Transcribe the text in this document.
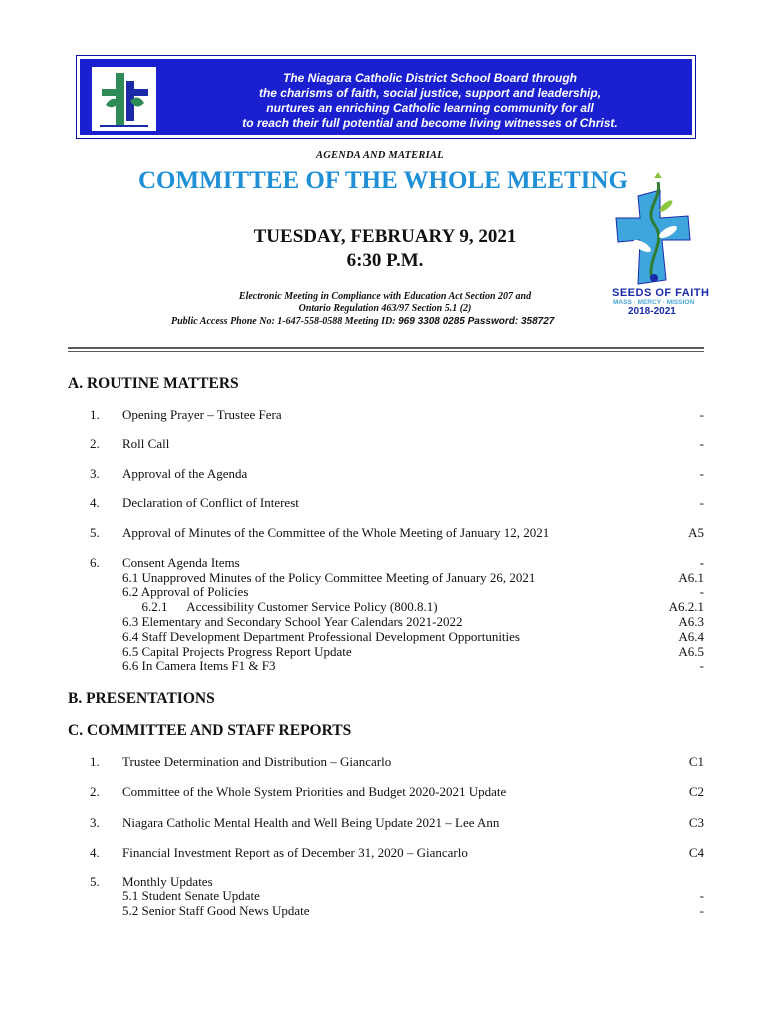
The Niagara Catholic District School Board through
the charisms of faith, social justice, support and leadership,
nurtures an enriching Catholic learning community for all
to reach their full potential and become living witnesses of Christ.
AGENDA AND MATERIAL
COMMITTEE OF THE WHOLE MEETING
TUESDAY, FEBRUARY 9, 2021
6:30 P.M.
SEEDS OF FAITH
MASS · MERCY · MISSION
2018-2021
Electronic Meeting in Compliance with Education Act Section 207 and
Ontario Regulation 463/97 Section 5.1 (2)
Public Access Phone No: 1-647-558-0588 Meeting ID: 969 3308 0285 Password: 358727
A. ROUTINE MATTERS
1. Opening Prayer – Trustee Fera	-
2. Roll Call	-
3. Approval of the Agenda	-
4. Declaration of Conflict of Interest	-
5. Approval of Minutes of the Committee of the Whole Meeting of January 12, 2021	A5
6. Consent Agenda Items	-
6.1 Unapproved Minutes of the Policy Committee Meeting of January 26, 2021	A6.1
6.2 Approval of Policies	-
6.2.1      Accessibility Customer Service Policy (800.8.1)	A6.2.1
6.3 Elementary and Secondary School Year Calendars 2021-2022	A6.3
6.4 Staff Development Department Professional Development Opportunities	A6.4
6.5 Capital Projects Progress Report Update	A6.5
6.6 In Camera Items F1 & F3	-
B. PRESENTATIONS
C. COMMITTEE AND STAFF REPORTS
1. Trustee Determination and Distribution – Giancarlo	C1
2. Committee of the Whole System Priorities and Budget 2020-2021 Update	C2
3. Niagara Catholic Mental Health and Well Being Update 2021 – Lee Ann	C3
4. Financial Investment Report as of December 31, 2020 – Giancarlo	C4
5. Monthly Updates
5.1 Student Senate Update	-
5.2 Senior Staff Good News Update	-
